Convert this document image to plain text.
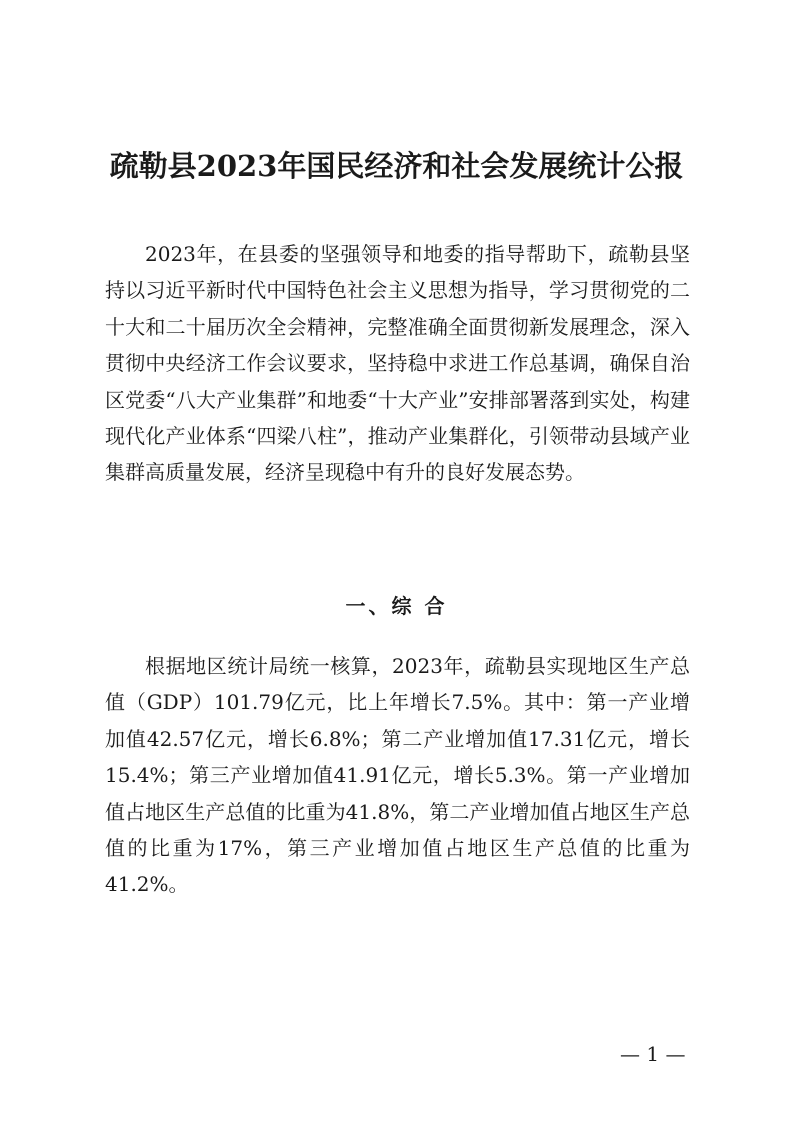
疏勒县2023年国民经济和社会发展统计公报

2023年，在县委的坚强领导和地委的指导帮助下，疏勒县坚持以习近平新时代中国特色社会主义思想为指导，学习贯彻党的二十大和二十届历次全会精神，完整准确全面贯彻新发展理念，深入贯彻中央经济工作会议要求，坚持稳中求进工作总基调，确保自治区党委“八大产业集群”和地委“十大产业”安排部署落到实处，构建现代化产业体系“四梁八柱”，推动产业集群化，引领带动县域产业集群高质量发展，经济呈现稳中有升的良好发展态势。

一、综 合

根据地区统计局统一核算，2023年，疏勒县实现地区生产总值（GDP）101.79亿元，比上年增长7.5%。其中：第一产业增加值42.57亿元，增长6.8%；第二产业增加值17.31亿元，增长15.4%；第三产业增加值41.91亿元，增长5.3%。第一产业增加值占地区生产总值的比重为41.8%，第二产业增加值占地区生产总值的比重为17%，第三产业增加值占地区生产总值的比重为41.2%。

— 1 —
